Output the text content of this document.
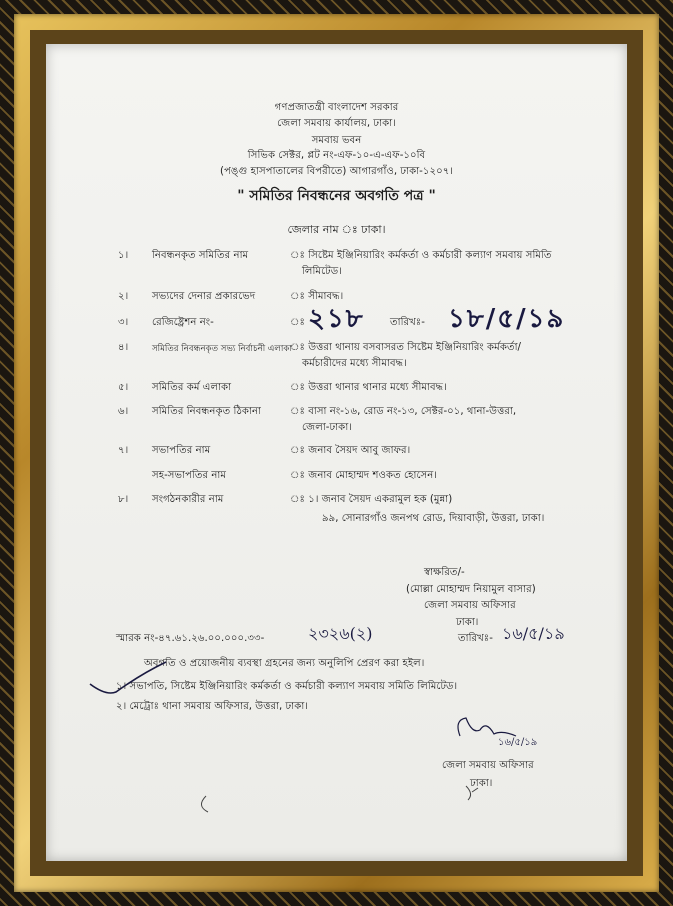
গণপ্রজাতন্ত্রী বাংলাদেশ সরকার
জেলা সমবায় কার্যালয়, ঢাকা।
সমবায় ভবন
সিভিক সেক্টর, প্লট নং-এফ-১০-এ-এফ-১০বি
(পঙ্গু হাসপাতালের বিপরীতে) আগারগাঁও, ঢাকা-১২০৭।
" সমিতির নিবন্ধনের অবগতি পত্র "
জেলার নাম ঃ ঢাকা।
১। নিবন্ধনকৃত সমিতির নাম	ঃ সিষ্টেম ইঞ্জিনিয়ারিং কর্মকর্তা ও কর্মচারী কল্যাণ সমবায় সমিতি
লিমিটেড।
২। সভ্যদের দেনার প্রকারভেদ	ঃ সীমাবদ্ধ।
৩। রেজিষ্ট্রেশন নং-	ঃ ২১৮ তারিখঃ- ১৮/৫/১৯
৪।	সমিতির নিবন্ধনকৃত সভ্য নির্বাচনী এলাকা
ঃ উত্তরা থানায় বসবাসরত সিষ্টেম ইঞ্জিনিয়ারিং কর্মকর্তা/
কর্মচারীদের মধ্যে সীমাবদ্ধ।
৫। সমিতির কর্ম এলাকা	ঃ উত্তরা থানার থানার মধ্যে সীমাবদ্ধ।
৬। সমিতির নিবন্ধনকৃত ঠিকানা	ঃ বাসা নং-১৬, রোড নং-১৩, সেক্টর-০১, থানা-উত্তরা,
জেলা-ঢাকা।
৭। সভাপতির নাম	ঃ জনাব সৈয়দ আবু জাফর।
সহ-সভাপতির নাম	ঃ জনাব মোহাম্মদ শওকত হোসেন।
৮। সংগঠনকারীর নাম	ঃ ১। জনাব সৈয়দ একরামুল হক (মুন্না)
৯৯, সোনারগাঁও জনপথ রোড, দিয়াবাড়ী, উত্তরা, ঢাকা।
স্বাক্ষরিত/-
(মোল্লা মোহাম্মদ নিয়ামুল বাসার)
জেলা সমবায় অফিসার
ঢাকা।
স্মারক নং-৪৭.৬১.২৬.০০.০০০.৩৩-	২৩২৬(২)	তারিখঃ- ১৬/৫/১৯
অবগতি ও প্রয়োজনীয় ব্যবস্থা গ্রহনের জন্য অনুলিপি প্রেরণ করা হইল।
১। সভাপতি, সিষ্টেম ইঞ্জিনিয়ারিং কর্মকর্তা ও কর্মচারী কল্যাণ সমবায় সমিতি লিমিটেড।
২। মেট্রোঃ থানা সমবায় অফিসার, উত্তরা, ঢাকা।
১৬/৫/১৯
জেলা সমবায় অফিসার
ঢাকা।
